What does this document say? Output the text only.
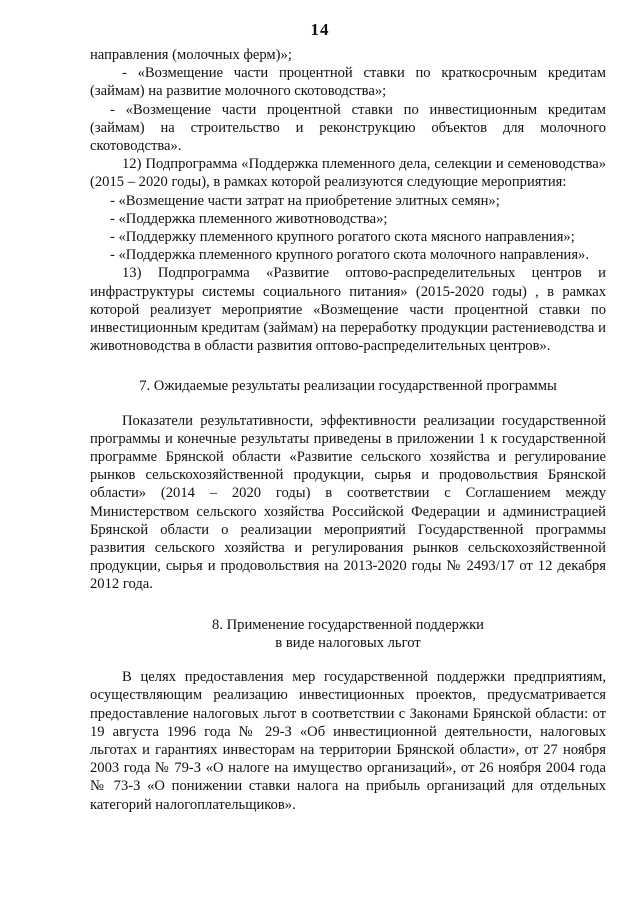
14

направления (молочных ферм)»;

- «Возмещение части процентной ставки по краткосрочным кредитам (займам) на развитие молочного скотоводства»;

- «Возмещение части процентной ставки по инвестиционным кредитам (займам) на строительство и реконструкцию объектов для молочного скотоводства».

12) Подпрограмма «Поддержка племенного дела, селекции и семеноводства» (2015 – 2020 годы), в рамках которой реализуются следующие мероприятия:

- «Возмещение части затрат на приобретение элитных семян»;

- «Поддержка племенного животноводства»;

- «Поддержку племенного крупного рогатого скота мясного направления»;

- «Поддержка племенного крупного рогатого скота молочного направления».

13) Подпрограмма «Развитие оптово-распределительных центров и инфраструктуры системы социального питания» (2015-2020 годы) , в рамках которой реализует мероприятие «Возмещение части процентной ставки по инвестиционным кредитам (займам) на переработку продукции растениеводства и животноводства в области развития оптово-распределительных центров».

7. Ожидаемые результаты реализации государственной программы

Показатели результативности, эффективности реализации государственной программы и конечные результаты приведены в приложении 1 к государственной программе Брянской области «Развитие сельского хозяйства и регулирование рынков сельскохозяйственной продукции, сырья и продовольствия Брянской области» (2014 – 2020 годы) в соответствии с Соглашением между Министерством сельского хозяйства Российской Федерации и администрацией Брянской области о реализации мероприятий Государственной программы развития сельского хозяйства и регулирования рынков сельскохозяйственной продукции, сырья и продовольствия на 2013-2020 годы № 2493/17 от 12 декабря 2012 года.

8. Применение государственной поддержки

в виде налоговых льгот

В целях предоставления мер государственной поддержки предприятиям, осуществляющим реализацию инвестиционных проектов, предусматривается предоставление налоговых льгот в соответствии с Законами Брянской области: от 19 августа 1996 года № 29-З «Об инвестиционной деятельности, налоговых льготах и гарантиях инвесторам на территории Брянской области», от 27 ноября 2003 года № 79-З «О налоге на имущество организаций», от 26 ноября 2004 года № 73-З «О понижении ставки налога на прибыль организаций для отдельных категорий налогоплательщиков».
